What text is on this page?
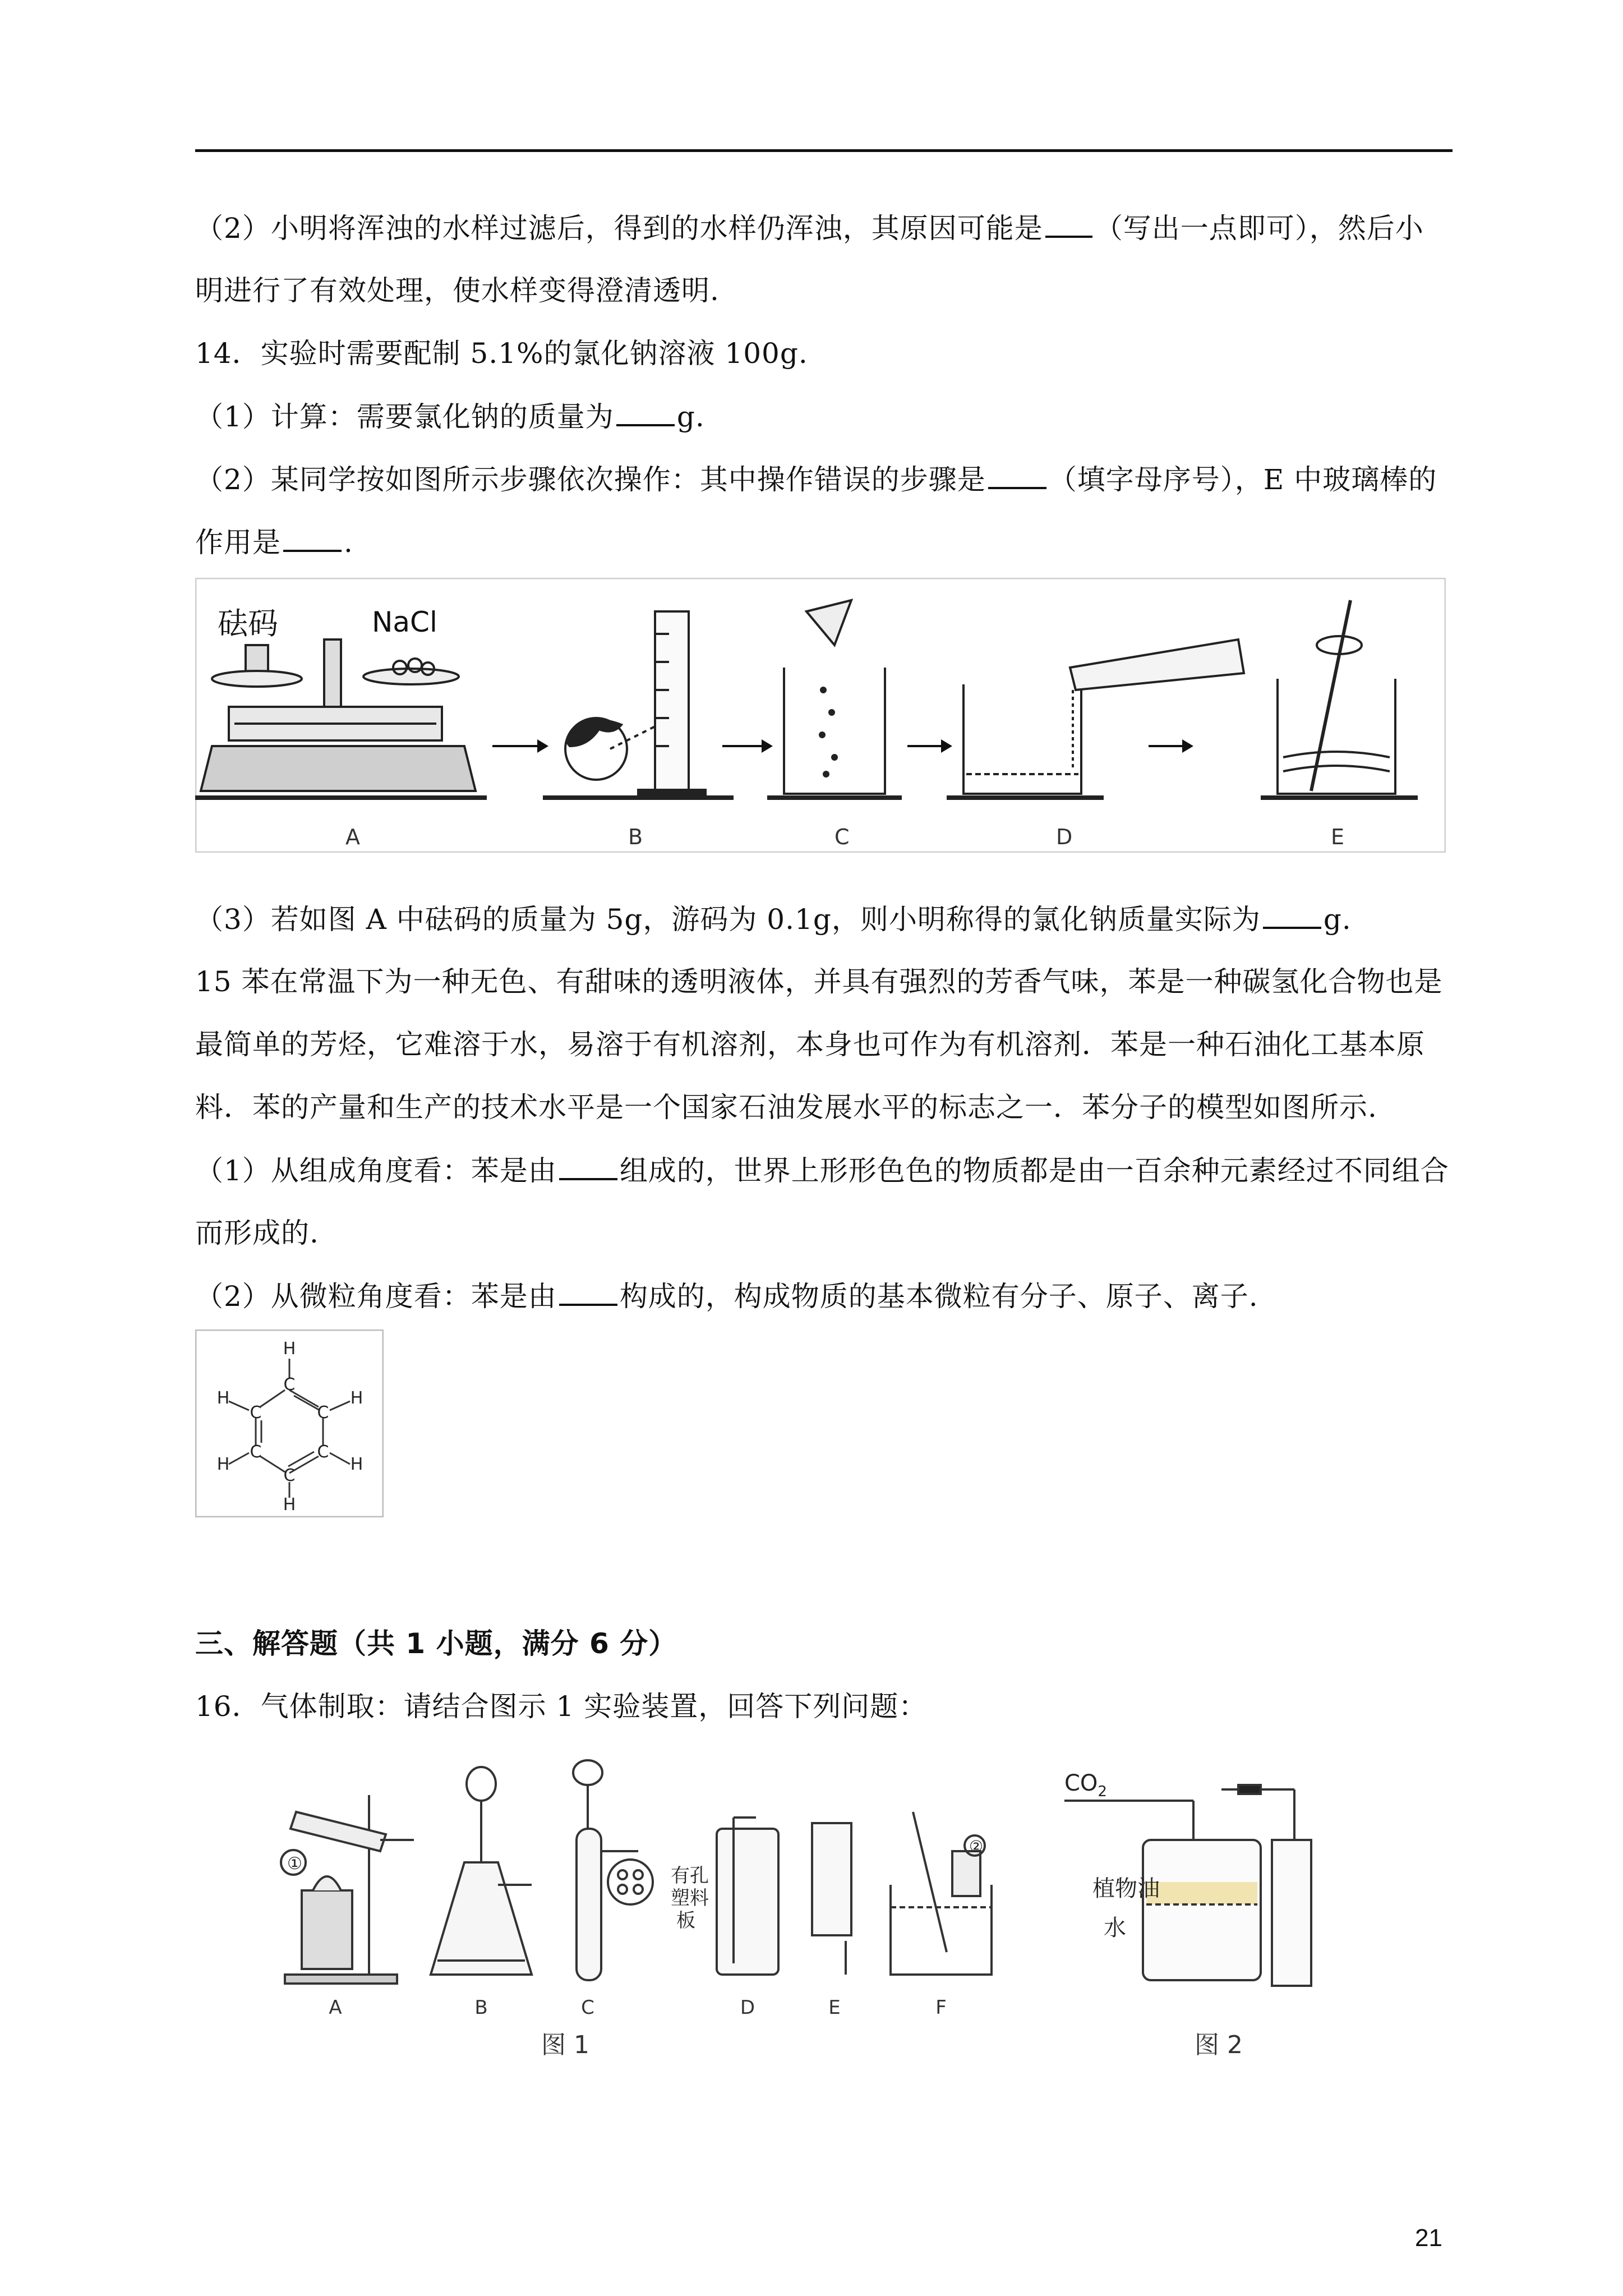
（2）小明将浑浊的水样过滤后，得到的水样仍浑浊，其原因可能是 （写出一点即可），然后小
明进行了有效处理，使水样变得澄清透明.
14．实验时需要配制 5.1%的氯化钠溶液 100g.
（1）计算：需要氯化钠的质量为 g.
（2）某同学按如图所示步骤依次操作：其中操作错误的步骤是 （填字母序号），E 中玻璃棒的
作用是 .
砝码	NaCl
A	B	C	D	E
（3）若如图 A 中砝码的质量为 5g，游码为 0.1g，则小明称得的氯化钠质量实际为 g.
15 苯在常温下为一种无色、有甜味的透明液体，并具有强烈的芳香气味，苯是一种碳氢化合物也是
最简单的芳烃，它难溶于水，易溶于有机溶剂，本身也可作为有机溶剂．苯是一种石油化工基本原
料．苯的产量和生产的技术水平是一个国家石油发展水平的标志之一．苯分子的模型如图所示.
（1）从组成角度看：苯是由 组成的，世界上形形色色的物质都是由一百余种元素经过不同组合
而形成的.
（2）从微粒角度看：苯是由 构成的，构成物质的基本微粒有分子、原子、离子.
H
C
H
C	C
H
H
C	C
H
C
H
三、解答题（共 1 小题，满分 6 分）
16．气体制取：请结合图示 1 实验装置，回答下列问题：
①
有孔
塑料
板
②
植物油
水
$CO_2$
A	B	C	D	E	F
图 1	图 2
21
